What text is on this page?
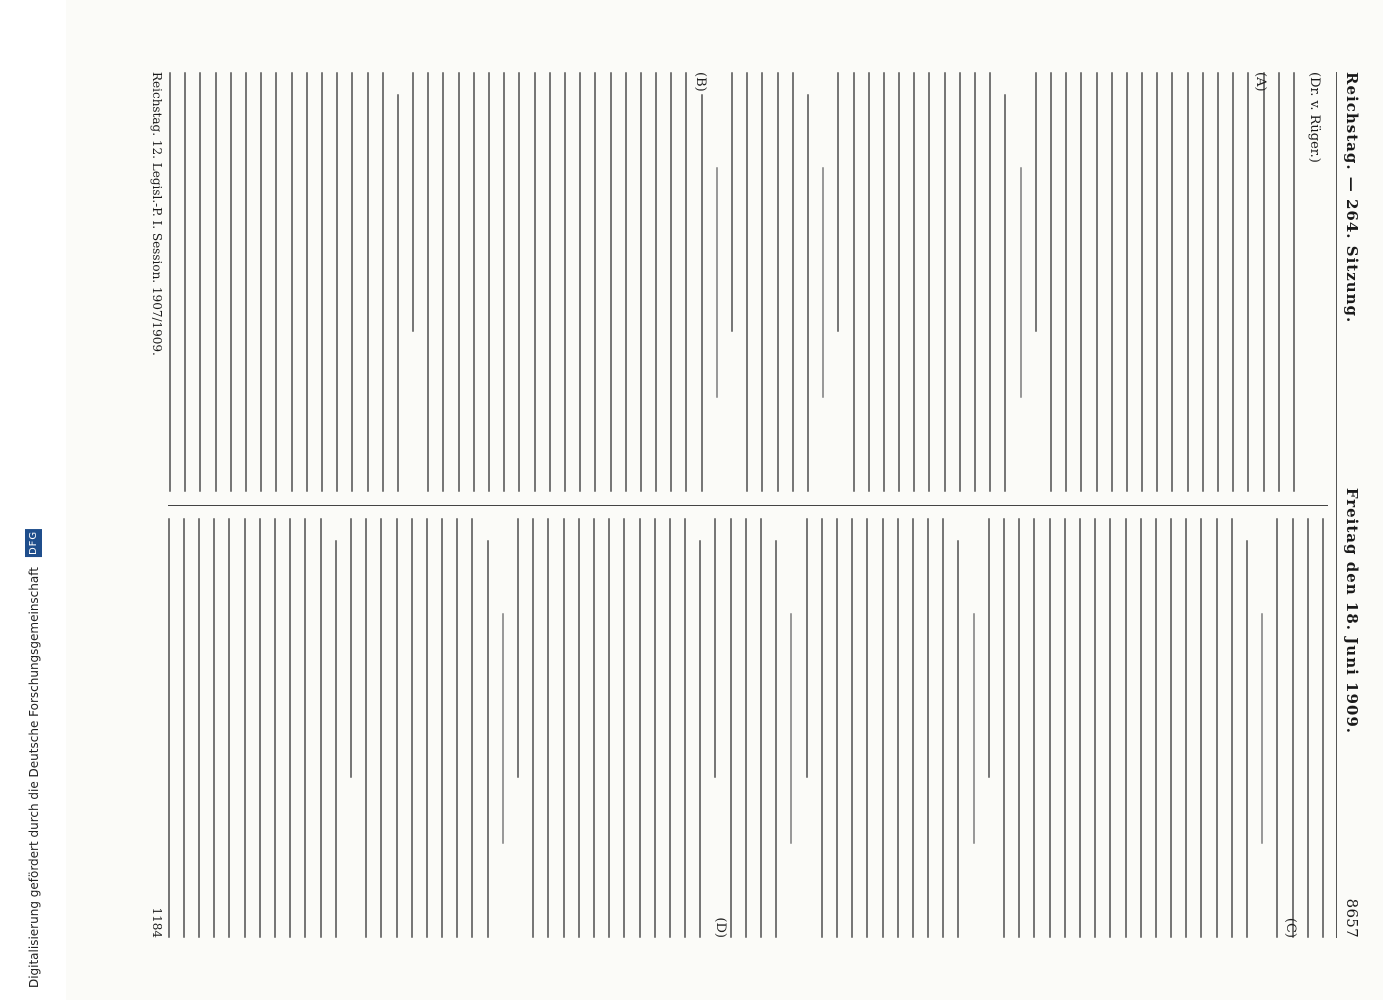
Digitalisierung gefördert durch die Deutsche Forschungsgemeinschaft DFG
Reichstag. — 264. Sitzung.
Freitag den 18. Juni 1909.
8657
(Dr. v. Rüger.)
(A)
(B)
(C)
(D)
Reichstag. 12. Legisl.-P. I. Session. 1907/1909.
1184
